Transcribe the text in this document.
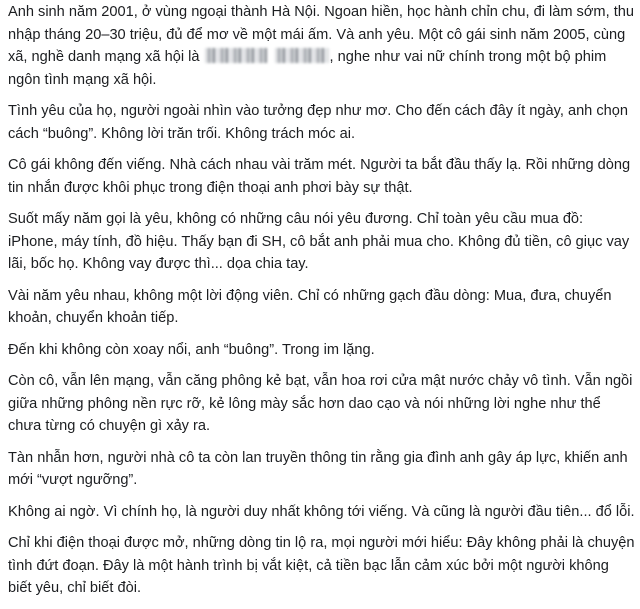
Anh sinh năm 2001, ở vùng ngoại thành Hà Nội. Ngoan hiền, học hành chỉn chu, đi làm sớm, thu nhập tháng 20–30 triệu, đủ để mơ về một mái ấm. Và anh yêu. Một cô gái sinh năm 2005, cùng xã, nghề danh mạng xã hội là	, nghe như vai nữ chính trong một bộ phim ngôn tình mạng xã hội.

Tình yêu của họ, người ngoài nhìn vào tưởng đẹp như mơ. Cho đến cách đây ít ngày, anh chọn cách “buông”. Không lời trăn trối. Không trách móc ai.

Cô gái không đến viếng. Nhà cách nhau vài trăm mét. Người ta bắt đầu thấy lạ. Rồi những dòng tin nhắn được khôi phục trong điện thoại anh phơi bày sự thật.

Suốt mấy năm gọi là yêu, không có những câu nói yêu đương. Chỉ toàn yêu cầu mua đồ: iPhone, máy tính, đồ hiệu. Thấy bạn đi SH, cô bắt anh phải mua cho. Không đủ tiền, cô giục vay lãi, bốc họ. Không vay được thì... dọa chia tay.

Vài năm yêu nhau, không một lời động viên. Chỉ có những gạch đầu dòng: Mua, đưa, chuyển khoản, chuyển khoản tiếp.

Đến khi không còn xoay nổi, anh “buông”. Trong im lặng.

Còn cô, vẫn lên mạng, vẫn căng phông kẻ bạt, vẫn hoa rơi cửa mật nước chảy vô tình. Vẫn ngồi giữa những phông nền rực rỡ, kẻ lông mày sắc hơn dao cạo và nói những lời nghe như thể chưa từng có chuyện gì xảy ra.

Tàn nhẫn hơn, người nhà cô ta còn lan truyền thông tin rằng gia đình anh gây áp lực, khiến anh mới “vượt ngưỡng”.

Không ai ngờ. Vì chính họ, là người duy nhất không tới viếng. Và cũng là người đầu tiên... đổ lỗi.

Chỉ khi điện thoại được mở, những dòng tin lộ ra, mọi người mới hiểu: Đây không phải là chuyện tình đứt đoạn. Đây là một hành trình bị vắt kiệt, cả tiền bạc lẫn cảm xúc bởi một người không biết yêu, chỉ biết đòi.
